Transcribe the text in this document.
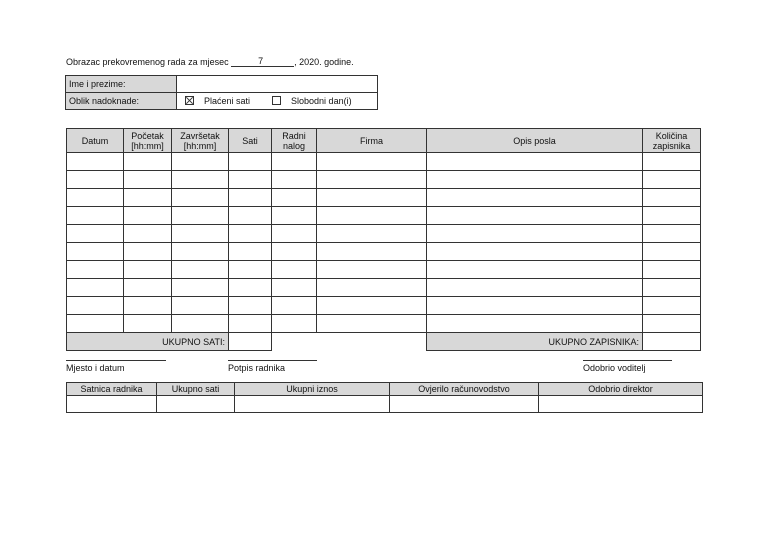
Obrazac prekovremenog rada za mjesec	7	, 2020. godine.
Ime i prezime:	
Oblik nadoknade:	Plaćeni sati Slobodni dan(i)
Datum	Početak [hh:mm]	Završetak [hh:mm]	Sati	Radni nalog	Firma	Opis posla	Količina zapisnika

UKUPNO SATI:						UKUPNO ZAPISNIKA:	
Mjesto i datum	Potpis radnika	Odobrio voditelj
Satnica radnika	Ukupno sati	Ukupni iznos	Ovjerilo računovodstvo	Odobrio direktor
